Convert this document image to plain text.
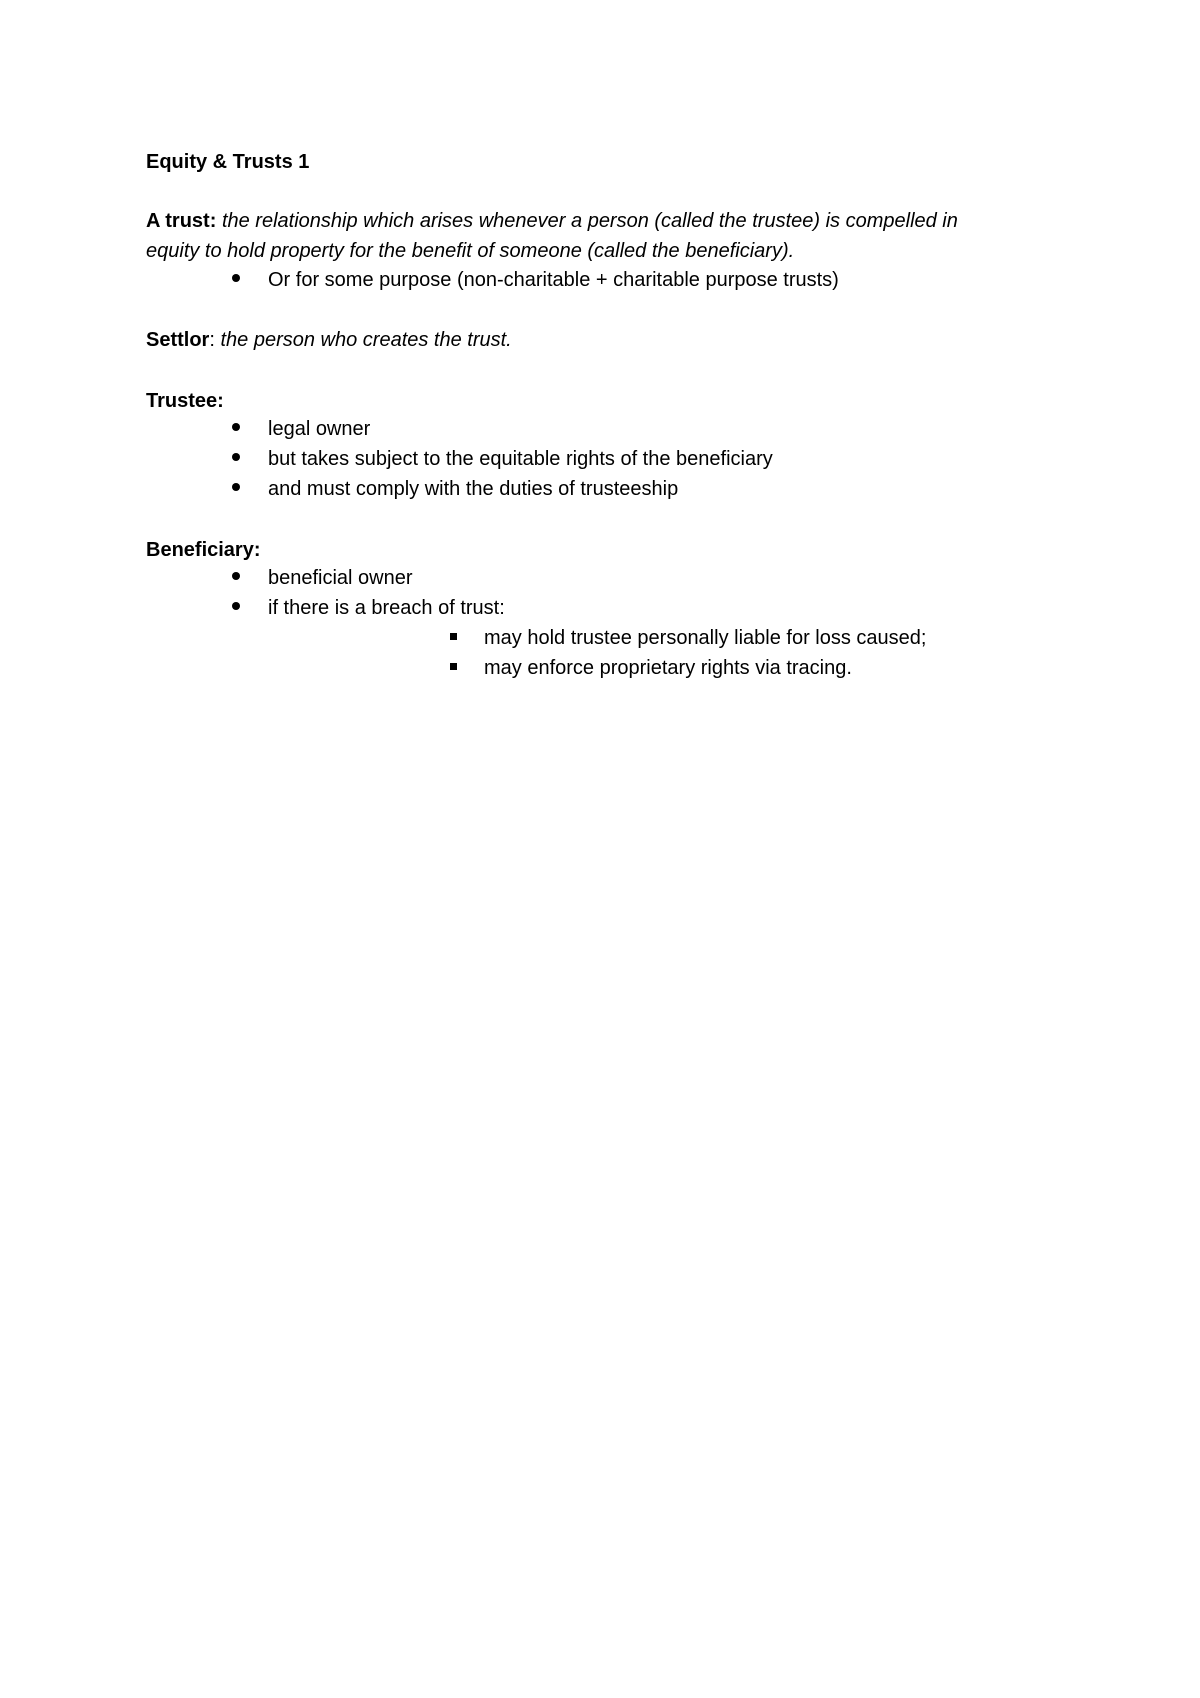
Equity & Trusts 1
A trust: the relationship which arises whenever a person (called the trustee) is compelled in
equity to hold property for the benefit of someone (called the beneficiary).
Or for some purpose (non-charitable + charitable purpose trusts)
Settlor: the person who creates the trust.
Trustee:
legal owner
but takes subject to the equitable rights of the beneficiary
and must comply with the duties of trusteeship
Beneficiary:
beneficial owner
if there is a breach of trust:
may hold trustee personally liable for loss caused;
may enforce proprietary rights via tracing.
